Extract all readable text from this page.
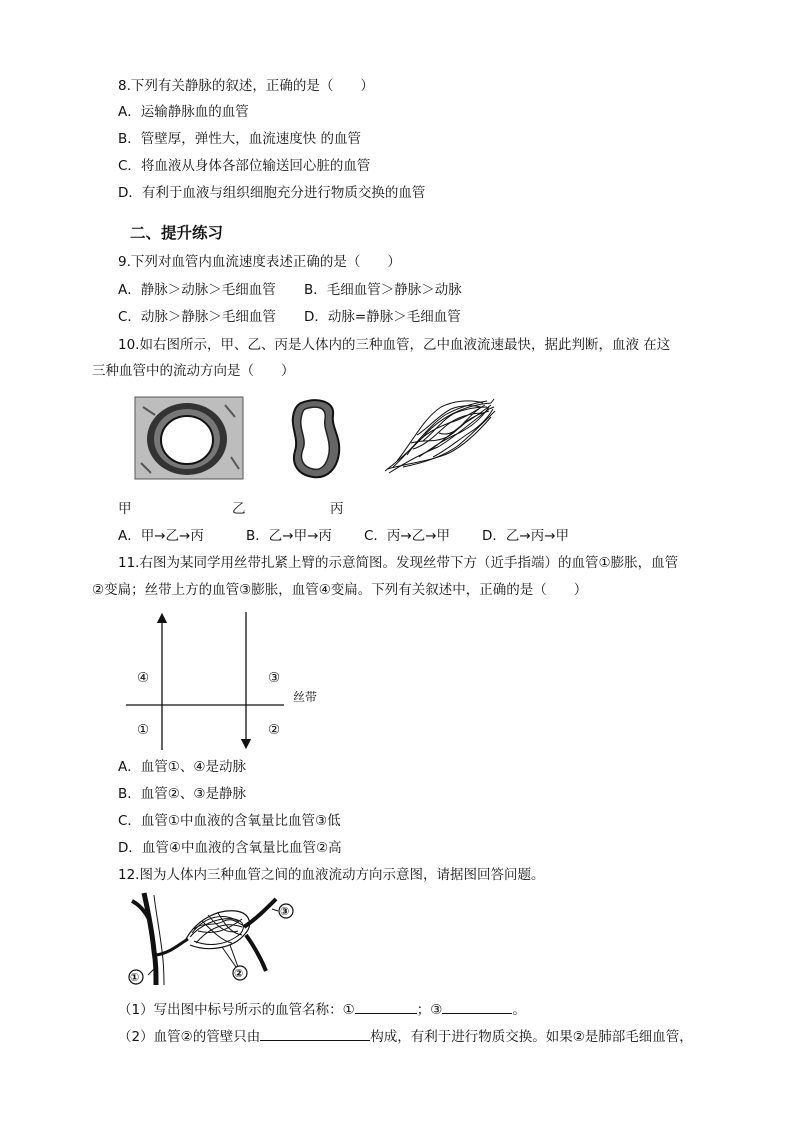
8.下列有关静脉的叙述，正确的是（　　）
A．运输静脉血的血管
B．管壁厚，弹性大，血流速度快 的血管
C．将血液从身体各部位输送回心脏的血管
D．有利于血液与组织细胞充分进行物质交换的血管
二、提升练习
9.下列对血管内血流速度表述正确的是（　　）
A．静脉＞动脉＞毛细血管 B．毛细血管＞静脉＞动脉
C．动脉＞静脉＞毛细血管 D．动脉=静脉＞毛细血管
10.如右图所示，甲、乙、丙是人体内的三种血管，乙中血液流速最快，据此判断，血液 在这
三种血管中的流动方向是（　　）
甲	乙	丙
A．甲→乙→丙	B．乙→甲→丙 C．丙→乙→甲 D．乙→丙→甲
11.右图为某同学用丝带扎紧上臂的示意简图。发现丝带下方（近手指端）的血管①膨胀，血管
②变扁；丝带上方的血管③膨胀，血管④变扁。下列有关叙述中，正确的是（　　）
④	③
①	②
丝带
A．血管①、④是动脉
B．血管②、③是静脉
C．血管①中血液的含氧量比血管③低
D．血管④中血液的含氧量比血管②高
12.图为人体内三种血管之间的血液流动方向示意图，请据图回答问题。
①	②
③
（1）写出图中标号所示的血管名称：①	；③	。
（2）血管②的管壁只由	构成，有利于进行物质交换。如果②是肺部毛细血管，
